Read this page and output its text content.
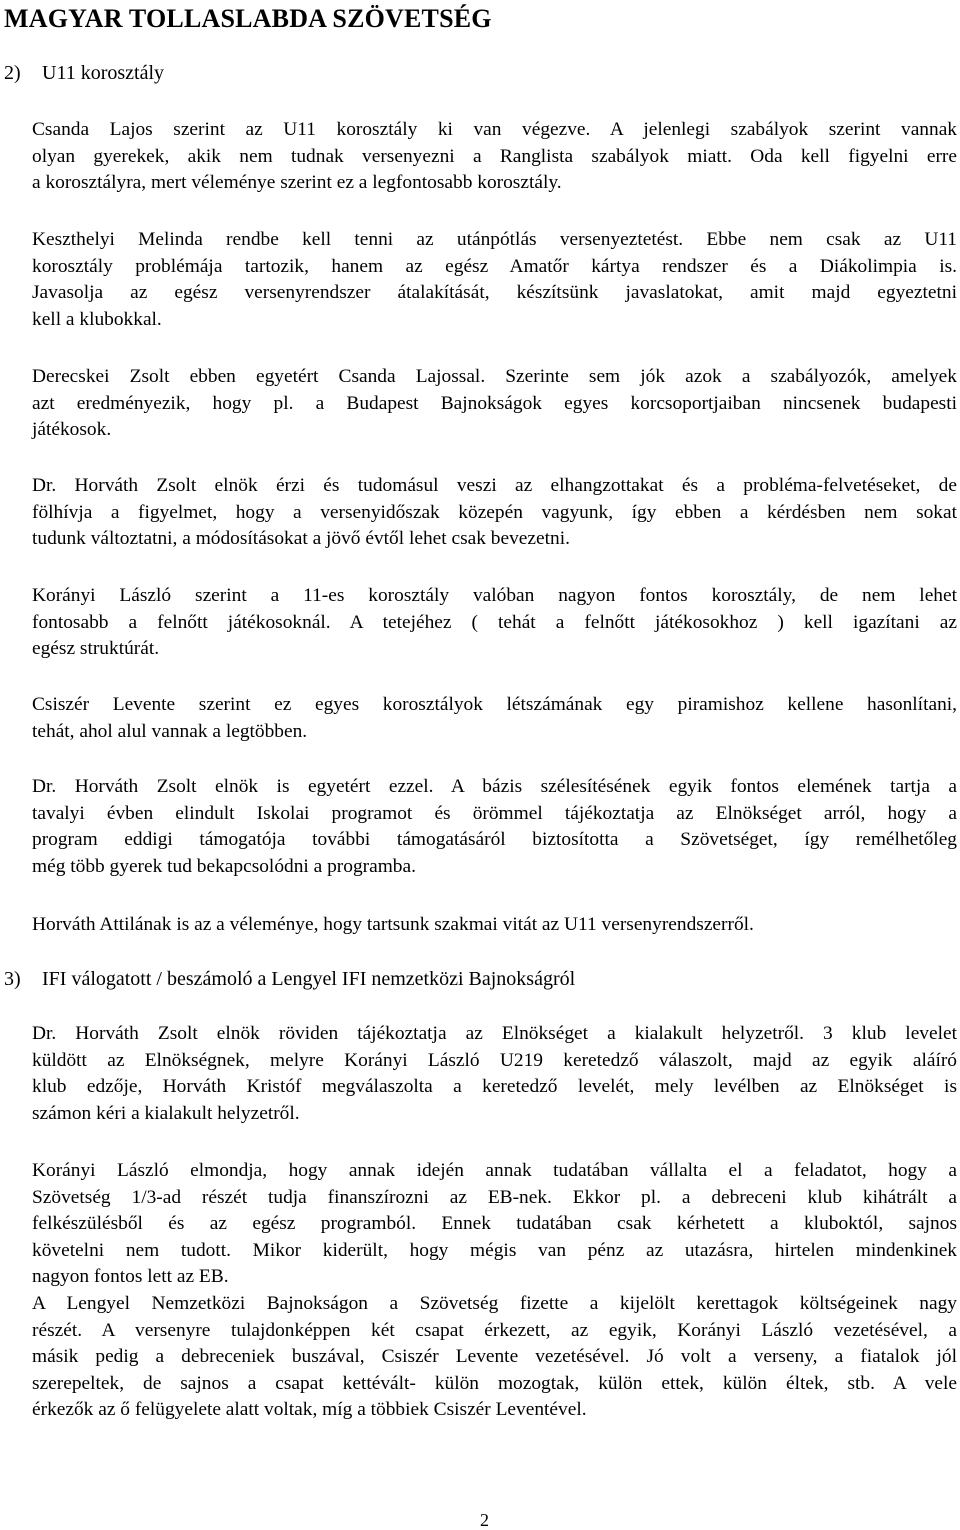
MAGYAR TOLLASLABDA SZÖVETSÉG
2) U11 korosztály
Csanda Lajos szerint az U11 korosztály ki van végezve. A jelenlegi szabályok szerint vannak
olyan gyerekek, akik nem tudnak versenyezni a Ranglista szabályok miatt. Oda kell figyelni erre
a korosztályra, mert véleménye szerint ez a legfontosabb korosztály.
Keszthelyi Melinda rendbe kell tenni az utánpótlás versenyeztetést. Ebbe nem csak az U11
korosztály problémája tartozik, hanem az egész Amatőr kártya rendszer és a Diákolimpia is.
Javasolja az egész versenyrendszer átalakítását, készítsünk javaslatokat, amit majd egyeztetni
kell a klubokkal.
Derecskei Zsolt ebben egyetért Csanda Lajossal. Szerinte sem jók azok a szabályozók, amelyek
azt eredményezik, hogy pl. a Budapest Bajnokságok egyes korcsoportjaiban nincsenek budapesti
játékosok.
Dr. Horváth Zsolt elnök érzi és tudomásul veszi az elhangzottakat és a probléma-felvetéseket, de
fölhívja a figyelmet, hogy a versenyidőszak közepén vagyunk, így ebben a kérdésben nem sokat
tudunk változtatni, a módosításokat a jövő évtől lehet csak bevezetni.
Korányi László szerint a 11-es korosztály valóban nagyon fontos korosztály, de nem lehet
fontosabb a felnőtt játékosoknál. A tetejéhez ( tehát a felnőtt játékosokhoz ) kell igazítani az
egész struktúrát.
Csiszér Levente szerint ez egyes korosztályok létszámának egy piramishoz kellene hasonlítani,
tehát, ahol alul vannak a legtöbben.
Dr. Horváth Zsolt elnök is egyetért ezzel. A bázis szélesítésének egyik fontos elemének tartja a
tavalyi évben elindult Iskolai programot és örömmel tájékoztatja az Elnökséget arról, hogy a
program eddigi támogatója további támogatásáról biztosította a Szövetséget, így remélhetőleg
még több gyerek tud bekapcsolódni a programba.
Horváth Attilának is az a véleménye, hogy tartsunk szakmai vitát az U11 versenyrendszerről.
3) IFI válogatott / beszámoló a Lengyel IFI nemzetközi Bajnokságról
Dr. Horváth Zsolt elnök röviden tájékoztatja az Elnökséget a kialakult helyzetről. 3 klub levelet
küldött az Elnökségnek, melyre Korányi László U219 keretedző válaszolt, majd az egyik aláíró
klub edzője, Horváth Kristóf megválaszolta a keretedző levelét, mely levélben az Elnökséget is
számon kéri a kialakult helyzetről.
Korányi László elmondja, hogy annak idején annak tudatában vállalta el a feladatot, hogy a
Szövetség 1/3-ad részét tudja finanszírozni az EB-nek. Ekkor pl. a debreceni klub kihátrált a
felkészülésből és az egész programból. Ennek tudatában csak kérhetett a kluboktól, sajnos
követelni nem tudott. Mikor kiderült, hogy mégis van pénz az utazásra, hirtelen mindenkinek
nagyon fontos lett az EB.
A Lengyel Nemzetközi Bajnokságon a Szövetség fizette a kijelölt kerettagok költségeinek nagy
részét. A versenyre tulajdonképpen két csapat érkezett, az egyik, Korányi László vezetésével, a
másik pedig a debreceniek buszával, Csiszér Levente vezetésével. Jó volt a verseny, a fiatalok jól
szerepeltek, de sajnos a csapat kettévált- külön mozogtak, külön ettek, külön éltek, stb. A vele
érkezők az ő felügyelete alatt voltak, míg a többiek Csiszér Leventével.
2
